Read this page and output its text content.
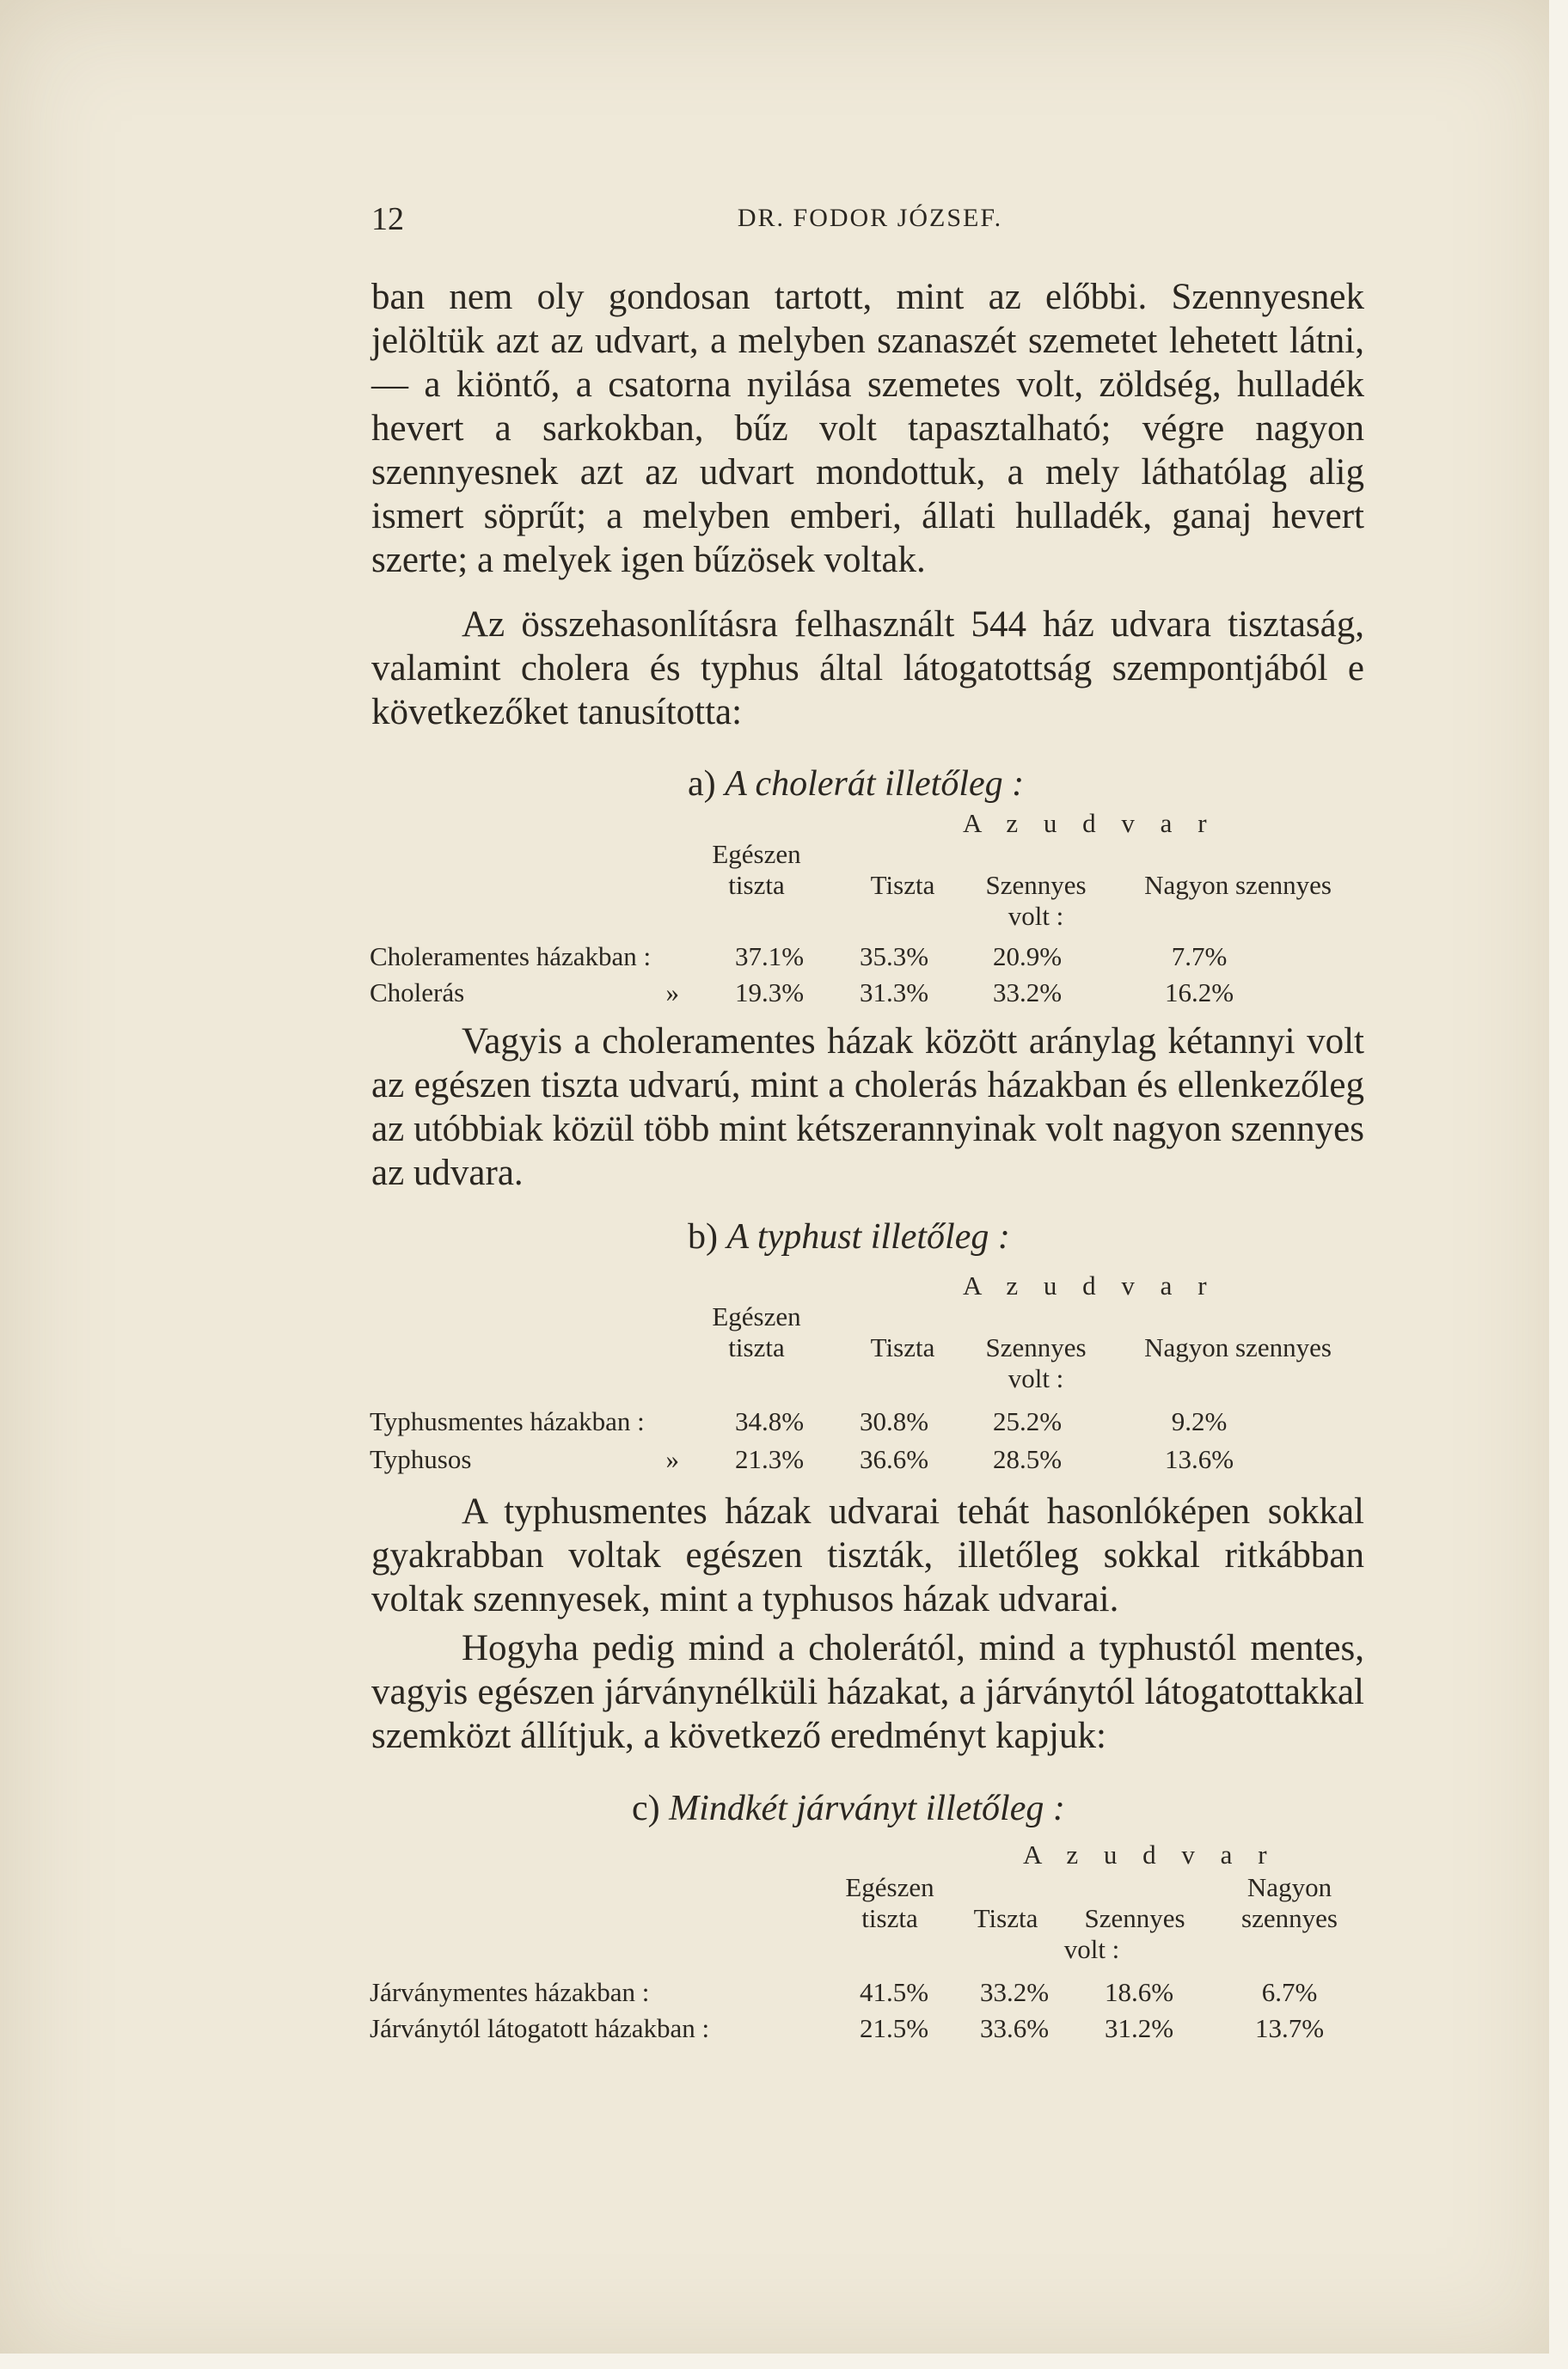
12	DR. FODOR JÓZSEF.

ban nem oly gondosan tartott, mint az előbbi. Szennyesnek jelöltük azt az udvart, a melyben szanaszét szemetet lehetett látni, — a kiöntő, a csatorna nyilása szemetes volt, zöldség, hulladék hevert a sarkokban, bűz volt tapasztalható; végre nagyon szennyesnek azt az udvart mondottuk, a mely láthatólag alig ismert söprűt; a melyben emberi, állati hulladék, ganaj hevert szerte; a melyek igen bűzösek voltak.

Az összehasonlításra felhasznált 544 ház udvara tisztaság, valamint cholera és typhus által látogatottság szempontjából e következőket tanusította:

a) A cholerát illetőleg :
A z u d v a r
Egészen
tiszta	Tiszta	Szennyes
volt :
Nagyon szennyes
Choleramentes házakban :	37.1%	35.3%	20.9%	7.7%
Cholerás	»	19.3%	31.3%	33.2%	16.2%

Vagyis a choleramentes házak között aránylag kétannyi volt az egészen tiszta udvarú, mint a cholerás házakban és ellenkezőleg az utóbbiak közül több mint kétszerannyinak volt nagyon szennyes az udvara.

b) A typhust illetőleg :
A z u d v a r
Egészen
tiszta	Tiszta	Szennyes
volt :
Nagyon szennyes
Typhusmentes házakban :	34.8%	30.8%	25.2%	9.2%
Typhusos	»	21.3%	36.6%	28.5%	13.6%

A typhusmentes házak udvarai tehát hasonlóképen sokkal gyakrabban voltak egészen tiszták, illetőleg sokkal ritkábban voltak szennyesek, mint a typhusos házak udvarai.

Hogyha pedig mind a cholerától, mind a typhustól mentes, vagyis egészen járványnélküli házakat, a járványtól látogatottakkal szemközt állítjuk, a következő eredményt kapjuk:

c) Mindkét járványt illetőleg :
A z u d v a r
Egészen
tiszta	Tiszta	Szennyes
volt :
Nagyon
szennyes
Járványmentes házakban :	41.5%	33.2%	18.6%	6.7%
Járványtól látogatott házakban :	21.5%	33.6%	31.2%	13.7%
